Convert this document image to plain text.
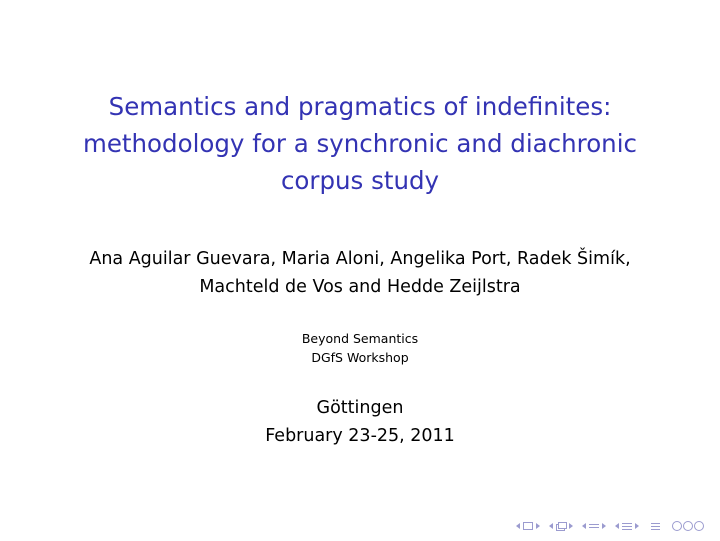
Semantics and pragmatics of indefinites:
methodology for a synchronic and diachronic
corpus study
Ana Aguilar Guevara, Maria Aloni, Angelika Port, Radek Šimík,
Machteld de Vos and Hedde Zeijlstra
Beyond Semantics
DGfS Workshop
Göttingen
February 23-25, 2011
